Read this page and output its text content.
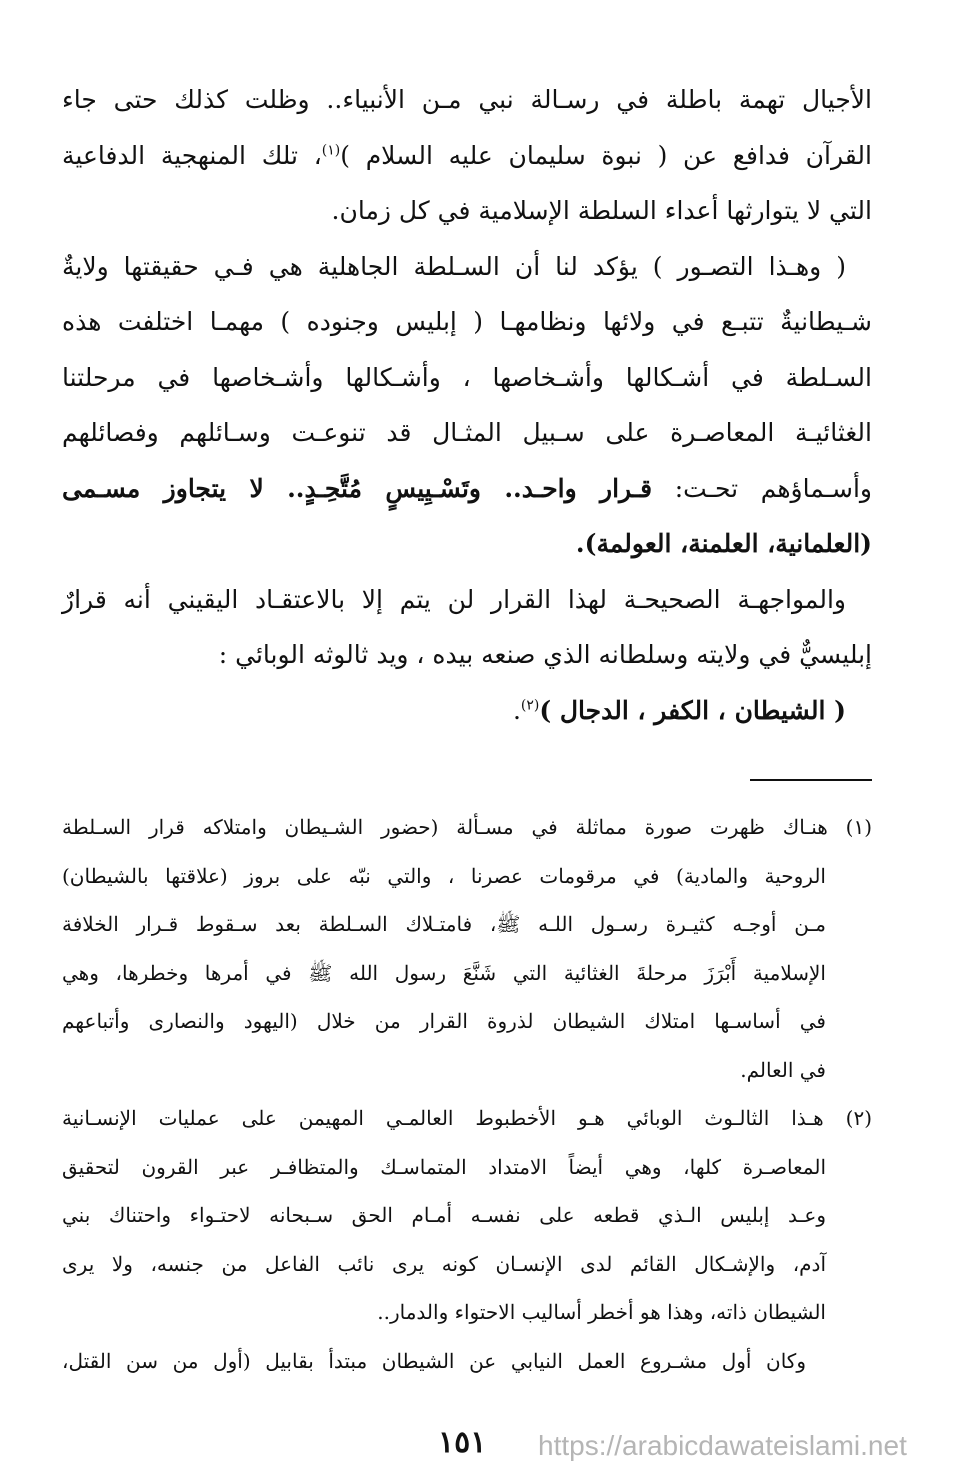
الأجيال تهمة باطلة في رسـالة نبي مـن الأنبياء.. وظلت كذلك حتى جاء
القرآن فدافع عن ( نبوة سليمان عليه السلام )$^{(١)}$، تلك المنهجية الدفاعية
التي لا يتوارثها أعداء السلطة الإسلامية في كل زمان.
( وهـذا التصـور ) يؤكد لنا أن السـلطة الجاهلية هي فـي حقيقتها ولايةٌ
شـيطانيةٌ تتبـع في ولائها ونظامهـا ( إبليس وجنوده ) مهمـا اختلفت هذه
السـلطة في أشـكالها وأشـخاصها ، وأشـكالها وأشـخاصها في مرحلتنا
الغثائيـة المعاصـرة على سـبيل المثـال قد تنوعـت وسـائلهم وفصائلهم
وأسـماؤهم تحـت: قـرار واحـد.. وتَسْـيِيسٍ مُتَّحِـدٍ.. لا يتجاوز مسـمى
(العلمانية، العلمنة، العولمة).
والمواجهـة الصحيحـة لهذا القرار لن يتم إلا بالاعتقـاد اليقيني أنه قرارٌ
إبليسيٌّ في ولايته وسلطانه الذي صنعه بيده ، ويد ثالوثه الوبائي :
( الشيطان ، الكفر ، الدجال )$^{(٢)}$.
(١) هنـاك ظهرت صورة مماثلة في مسـألة (حضور الشـيطان وامتلاكه قرار السـلطة
الروحية والمادية) في مرقومات عصرنا ، والتي نبّه على بروز (علاقتها بالشيطان)
مـن أوجـه كثيـرة رسـول اللـه ﷺ، فامتـلاك السـلطة بعد سـقوط قـرار الخلافة
الإسلامية أَبْرَزَ مرحلةَ الغثائية التي شَنَّعَ رسول الله ﷺ في أمرها وخطرها، وهي
في أساسـها امتلاك الشيطان لذروة القرار من خلال (اليهود والنصارى وأتباعهم
في العالم.
(٢) هـذا الثالـوث الوبائي هـو الأخطبوط العالمـي المهيمن على عمليات الإنسـانية
المعاصـرة كلها، وهي أيضاً الامتداد المتماسـك والمتظافـر عبر القرون لتحقيق
وعـد إبليس الـذي قطعه على نفسـه أمـام الحق سـبحانه لاحتـواء واحتناك بني
آدم، والإشـكال القائم لدى الإنسـان كونه يرى نائب الفاعل من جنسه، ولا يرى
الشيطان ذاته، وهذا هو أخطر أساليب الاحتواء والدمار..
وكان أول مشـروع العمل النيابي عن الشيطان مبتدأ بقابيل (أول من سن القتل،
١٥١ https://arabicdawateislami.net
